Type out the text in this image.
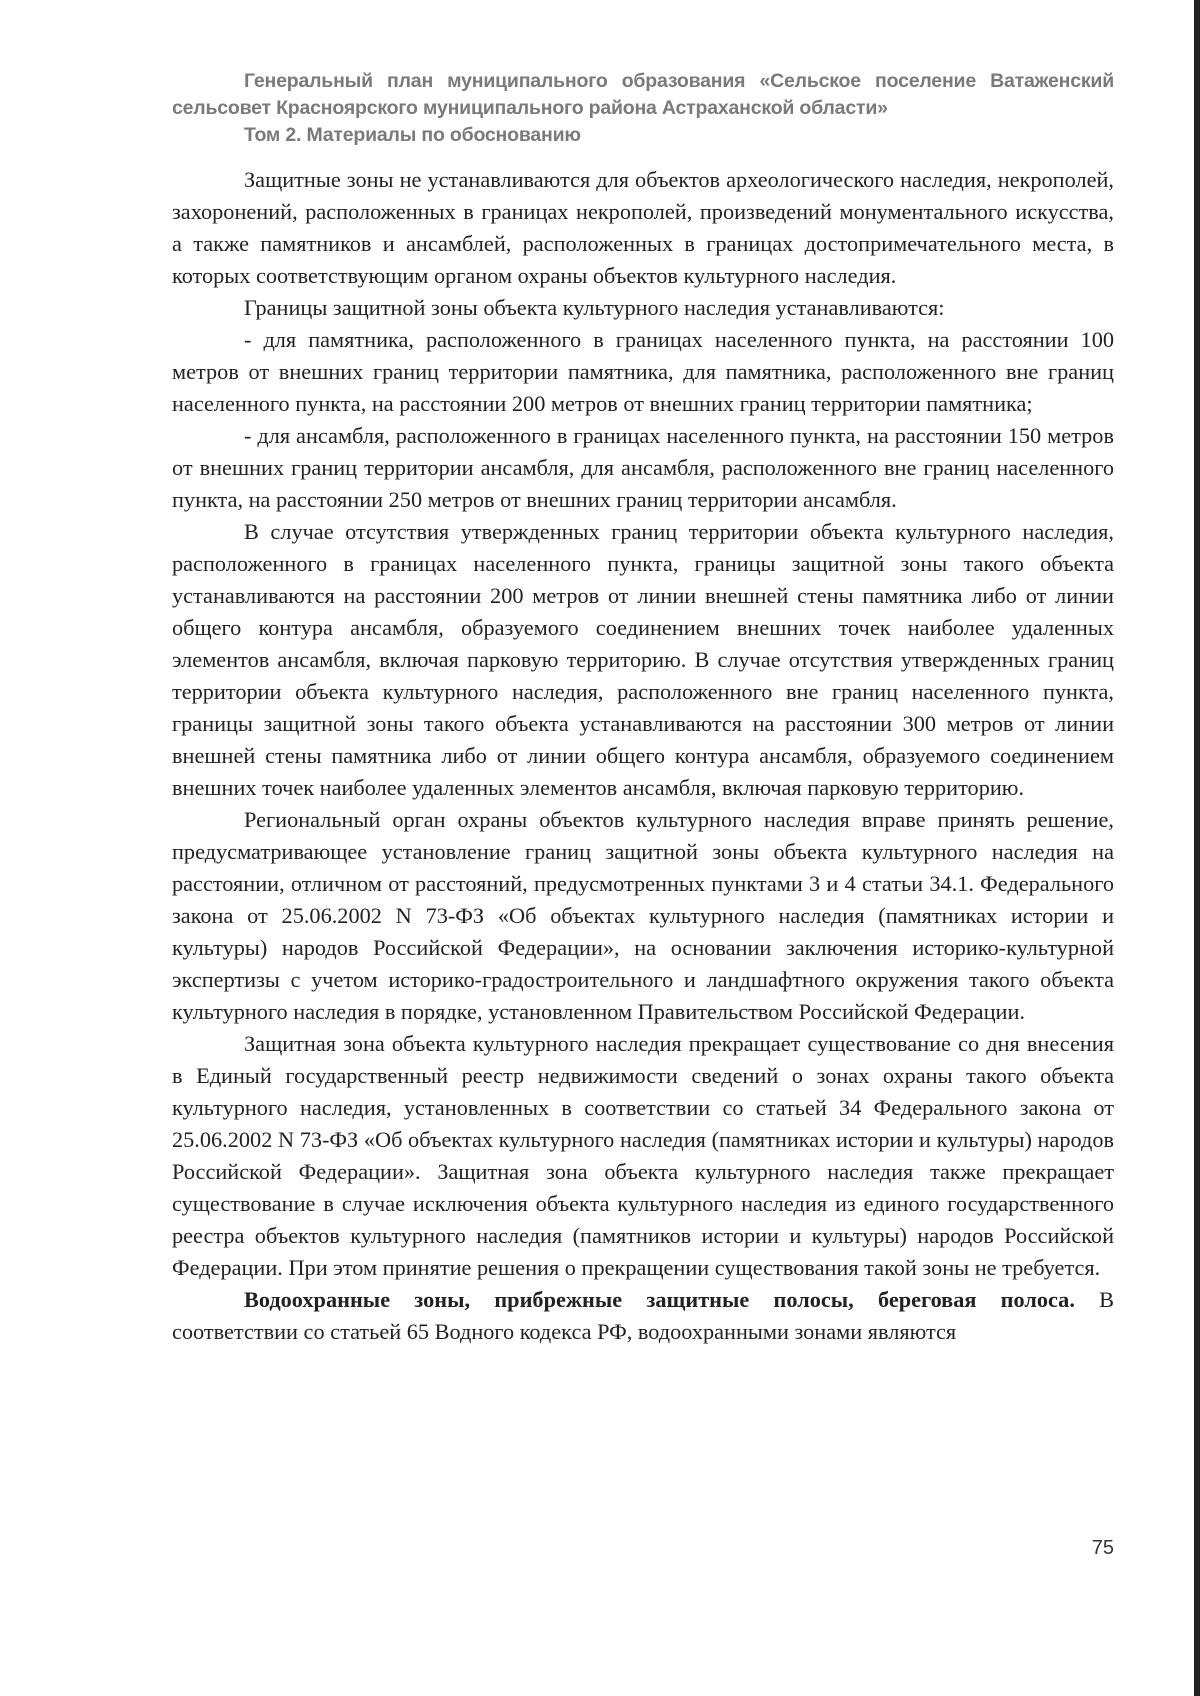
Генеральный план муниципального образования «Сельское поселение Ватаженский сельсовет Красноярского муниципального района Астраханской области»
Том 2. Материалы по обоснованию

Защитные зоны не устанавливаются для объектов археологического наследия, некрополей, захоронений, расположенных в границах некрополей, произведений монументального искусства, а также памятников и ансамблей, расположенных в границах достопримечательного места, в которых соответствующим органом охраны объектов культурного наследия.

Границы защитной зоны объекта культурного наследия устанавливаются:

- для памятника, расположенного в границах населенного пункта, на расстоянии 100 метров от внешних границ территории памятника, для памятника, расположенного вне границ населенного пункта, на расстоянии 200 метров от внешних границ территории памятника;

- для ансамбля, расположенного в границах населенного пункта, на расстоянии 150 метров от внешних границ территории ансамбля, для ансамбля, расположенного вне границ населенного пункта, на расстоянии 250 метров от внешних границ территории ансамбля.

В случае отсутствия утвержденных границ территории объекта культурного наследия, расположенного в границах населенного пункта, границы защитной зоны такого объекта устанавливаются на расстоянии 200 метров от линии внешней стены памятника либо от линии общего контура ансамбля, образуемого соединением внешних точек наиболее удаленных элементов ансамбля, включая парковую территорию. В случае отсутствия утвержденных границ территории объекта культурного наследия, расположенного вне границ населенного пункта, границы защитной зоны такого объекта устанавливаются на расстоянии 300 метров от линии внешней стены памятника либо от линии общего контура ансамбля, образуемого соединением внешних точек наиболее удаленных элементов ансамбля, включая парковую территорию.

Региональный орган охраны объектов культурного наследия вправе принять решение, предусматривающее установление границ защитной зоны объекта культурного наследия на расстоянии, отличном от расстояний, предусмотренных пунктами 3 и 4 статьи 34.1. Федерального закона от 25.06.2002 N 73-ФЗ «Об объектах культурного наследия (памятниках истории и культуры) народов Российской Федерации», на основании заключения историко-культурной экспертизы с учетом историко-градостроительного и ландшафтного окружения такого объекта культурного наследия в порядке, установленном Правительством Российской Федерации.

Защитная зона объекта культурного наследия прекращает существование со дня внесения в Единый государственный реестр недвижимости сведений о зонах охраны такого объекта культурного наследия, установленных в соответствии со статьей 34 Федерального закона от 25.06.2002 N 73-ФЗ «Об объектах культурного наследия (памятниках истории и культуры) народов Российской Федерации». Защитная зона объекта культурного наследия также прекращает существование в случае исключения объекта культурного наследия из единого государственного реестра объектов культурного наследия (памятников истории и культуры) народов Российской Федерации. При этом принятие решения о прекращении существования такой зоны не требуется.

Водоохранные зоны, прибрежные защитные полосы, береговая полоса. В соответствии со статьей 65 Водного кодекса РФ, водоохранными зонами являются

75
